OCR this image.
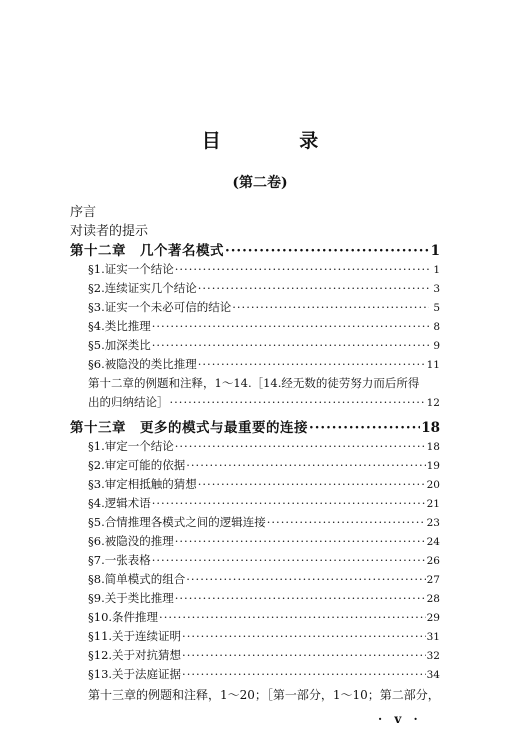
目 录
(第二卷)
序言
对读者的提示
第十二章　几个著名模式 ·····	1
§1.证实一个结论 ·····	1
§2.连续证实几个结论 ·····	3
§3.证实一个未必可信的结论 ·····	5
§4.类比推理 ·····	8
§5.加深类比 ·····	9
§6.被隐没的类比推理 ·····	11
第十二章的例题和注释，1～14.［14.经无数的徒劳努力而后所得
出的归纳结论］ ·····	12
第十三章　更多的模式与最重要的连接 ·····	18
§1.审定一个结论 ·····	18
§2.审定可能的依据 ·····	19
§3.审定相抵触的猜想 ·····	20
§4.逻辑术语 ·····	21
§5.合情推理各模式之间的逻辑连接 ·····	23
§6.被隐没的推理 ·····	24
§7.一张表格 ·····	26
§8.简单模式的组合 ·····	27
§9.关于类比推理 ·····	28
§10.条件推理 ·····	29
§11.关于连续证明 ·····	31
§12.关于对抗猜想 ·····	32
§13.关于法庭证据 ·····	34
· v ·
第十三章的例题和注释，1～20；［第一部分，1～10；第二部分，
